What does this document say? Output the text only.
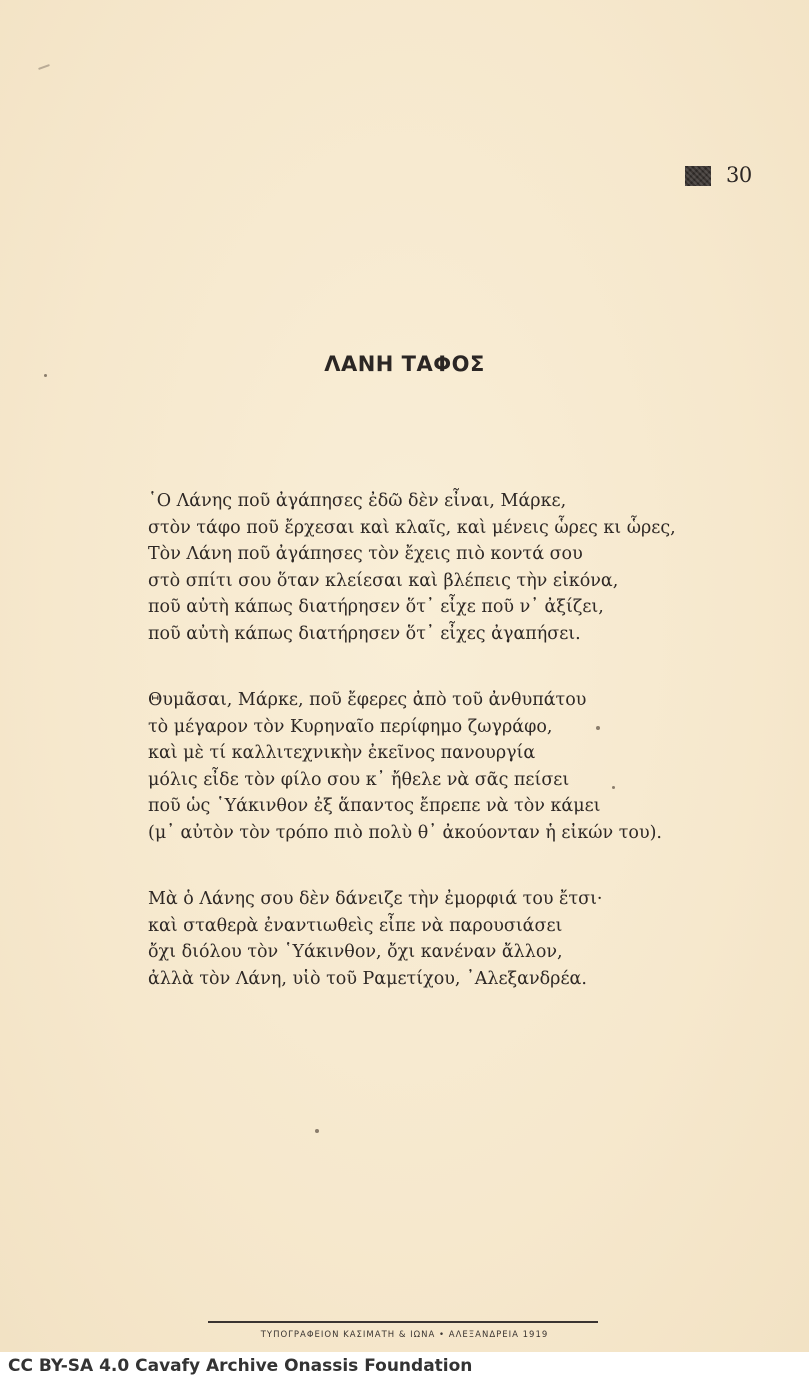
30
ΛΑΝΗ ΤΑΦΟΣ
῾Ο Λάνης ποῦ ἀγάπησες ἐδῶ δὲν εἶναι, Μάρκε,
στὸν τάφο ποῦ ἔρχεσαι καὶ κλαῖς, καὶ μένεις ὧρες κι ὧρες,
Τὸν Λάνη ποῦ ἀγάπησες τὸν ἔχεις πιὸ κοντά σου
στὸ σπίτι σου ὅταν κλείεσαι καὶ βλέπεις τὴν εἰκόνα,
ποῦ αὐτὴ κάπως διατήρησεν ὅτ᾽ εἶχε ποῦ ν᾽ ἀξίζει,
ποῦ αὐτὴ κάπως διατήρησεν ὅτ᾽ εἶχες ἀγαπήσει.
Θυμᾶσαι, Μάρκε, ποῦ ἔφερες ἀπὸ τοῦ ἀνθυπάτου
τὸ μέγαρον τὸν Κυρηναῖο περίφημο ζωγράφο,
καὶ μὲ τί καλλιτεχνικὴν ἐκεῖνος πανουργία
μόλις εἶδε τὸν φίλο σου κ᾽ ἤθελε νὰ σᾶς πείσει
ποῦ ὡς ῾Υάκινθον ἐξ ἅπαντος ἔπρεπε νὰ τὸν κάμει
(μ᾽ αὐτὸν τὸν τρόπο πιὸ πολὺ θ᾽ ἀκούονταν ἡ εἰκών του).
Μὰ ὁ Λάνης σου δὲν δάνειζε τὴν ἐμορφιά του ἔτσι·
καὶ σταθερὰ ἐναντιωθεὶς εἶπε νὰ παρουσιάσει
ὄχι διόλου τὸν ῾Υάκινθον, ὄχι κανέναν ἄλλον,
ἀλλὰ τὸν Λάνη, υἱὸ τοῦ Ραμετίχου, ᾽Αλεξανδρέα.
ΤΥΠΟΓΡΑΦΕΙΟΝ ΚΑΣΙΜΑΤΗ & ΙΩΝΑ • ΑΛΕΞΑΝΔΡΕΙΑ 1919
CC BY-SA 4.0 Cavafy Archive Onassis Foundation
